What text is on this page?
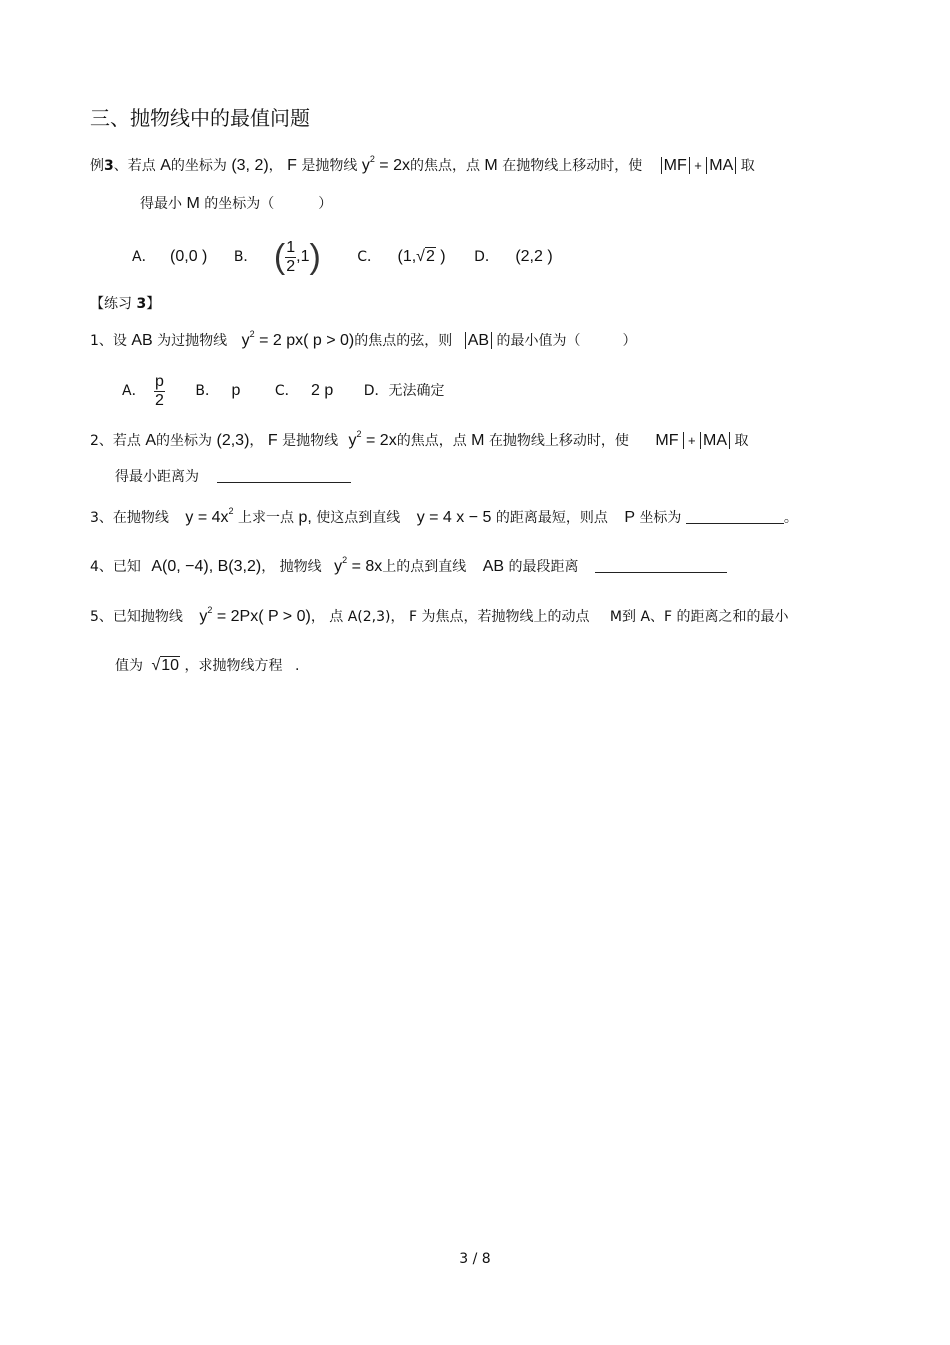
三、抛物线中的最值问题
例3、若点 A的坐标为 (3, 2)， F 是抛物线 $y^2 = 2x$的焦点，点 M 在抛物线上移动时，使 MF + MA 取
得最小 M 的坐标为（	）
A． (0,0 ) B． ( $\frac{1}{2} ,1$)	C． (1,√2 ) D． (2,2 )
【练习 3】
1、设 AB 为过抛物线 $y^2 = 2$ px( p > 0)的焦点的弦，则 AB 的最小值为（	）
A． $\frac{p}{2}$ B． p C． 2 p D．无法确定
2、若点 A的坐标为 (2,3)， F 是抛物线 $y^2 = 2x$的焦点，点 M 在抛物线上移动时，使 MF + MA 取
得最小距离为
3、在抛物线 $y = 4x^2$ 上求一点 p, 使这点到直线 y = 4 x − 5 的距离最短，则点 P 坐标为	。
4、已知 A(0, −4), B(3,2)， 抛物线 $y^2 = 8x$上的点到直线 AB 的最段距离
5、已知抛物线 $y^2 = 2Px$( P > 0)， 点 A(2,3)， F 为焦点，若抛物线上的动点 M到 A、F 的距离之和的最小
值为 √10 ，求抛物线方程 .
3 / 8
